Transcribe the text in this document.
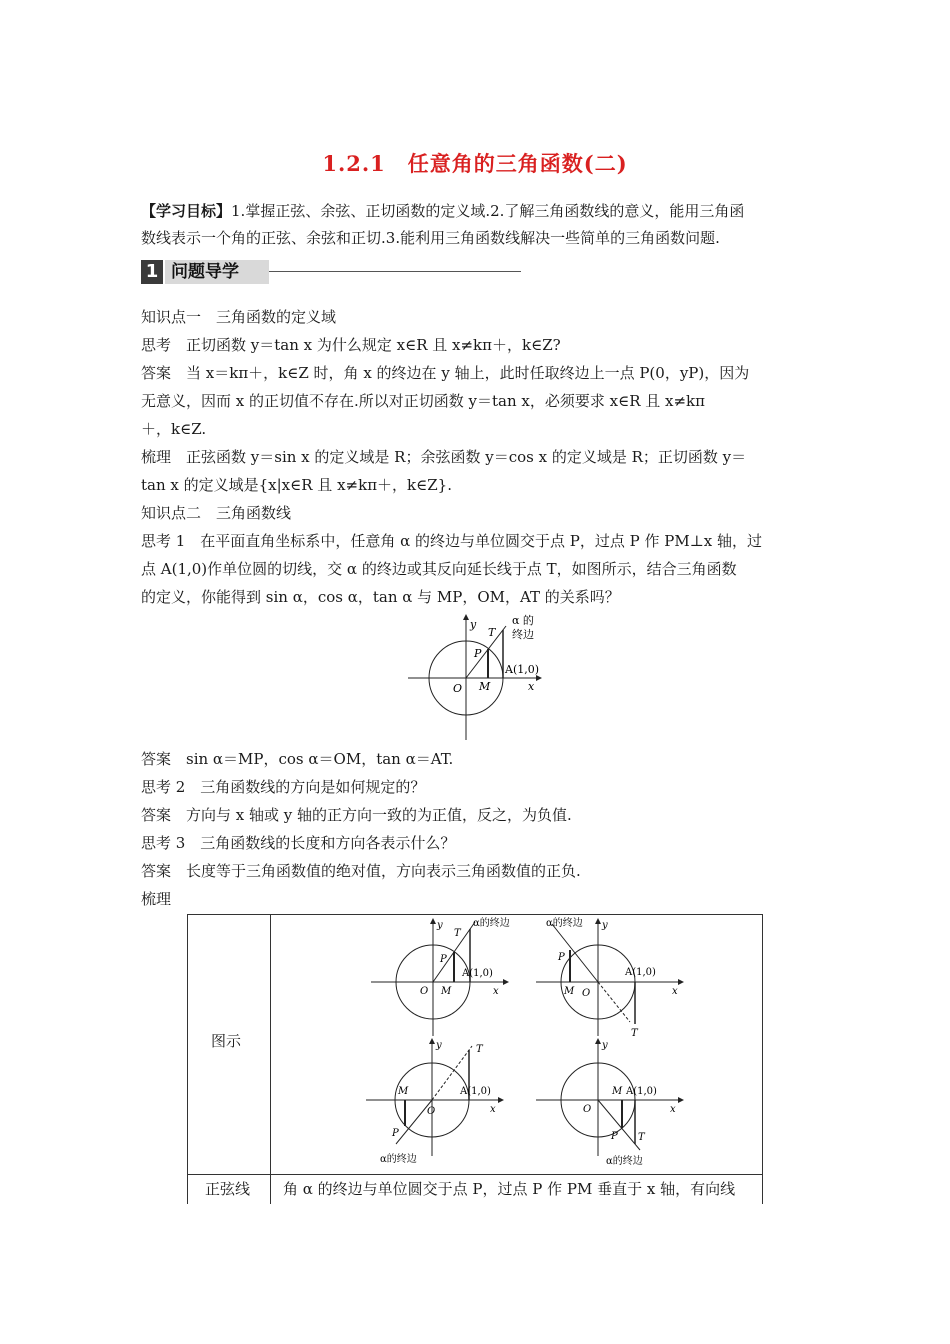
1.2.1　任意角的三角函数(二)
【学习目标】1.掌握正弦、余弦、正切函数的定义域.2.了解三角函数线的意义，能用三角函
数线表示一个角的正弦、余弦和正切.3.能利用三角函数线解决一些简单的三角函数问题.
1 问题导学
知识点一　三角函数的定义域
思考　正切函数 y＝tan x 为什么规定 x∈R 且 x≠kπ＋，k∈Z?
答案　当 x＝kπ＋，k∈Z 时，角 x 的终边在 y 轴上，此时任取终边上一点 P(0，yP)，因为
无意义，因而 x 的正切值不存在.所以对正切函数 y＝tan x，必须要求 x∈R 且 x≠kπ
＋，k∈Z.
梳理　正弦函数 y＝sin x 的定义域是 R；余弦函数 y＝cos x 的定义域是 R；正切函数 y＝
tan x 的定义域是{x|x∈R 且 x≠kπ＋，k∈Z}.
知识点二　三角函数线
思考 1　在平面直角坐标系中，任意角 α 的终边与单位圆交于点 P，过点 P 作 PM⊥x 轴，过
点 A(1,0)作单位圆的切线，交 α 的终边或其反向延长线于点 T，如图所示，结合三角函数
的定义，你能得到 sin α，cos α，tan α 与 MP，OM，AT 的关系吗？
y
x
O M
P
T
A(1,0)
α 的
终边
答案　sin α＝MP，cos α＝OM，tan α＝AT.
思考 2　三角函数线的方向是如何规定的？
答案　方向与 x 轴或 y 轴的正方向一致的为正值，反之，为负值.
思考 3　三角函数线的长度和方向各表示什么？
答案　长度等于三角函数值的绝对值，方向表示三角函数值的正负.
梳理
图示
正弦线 角 α 的终边与单位圆交于点 P，过点 P 作 PM 垂直于 x 轴，有向线
y
x
O M
P
T
A(1,0)
α的终边	y
x
O
M
P
T
A(1,0)
α的终边
y
x
O
M
P
T
A(1,0)
α的终边
y
x
O
M
P T
A(1,0)
α的终边
